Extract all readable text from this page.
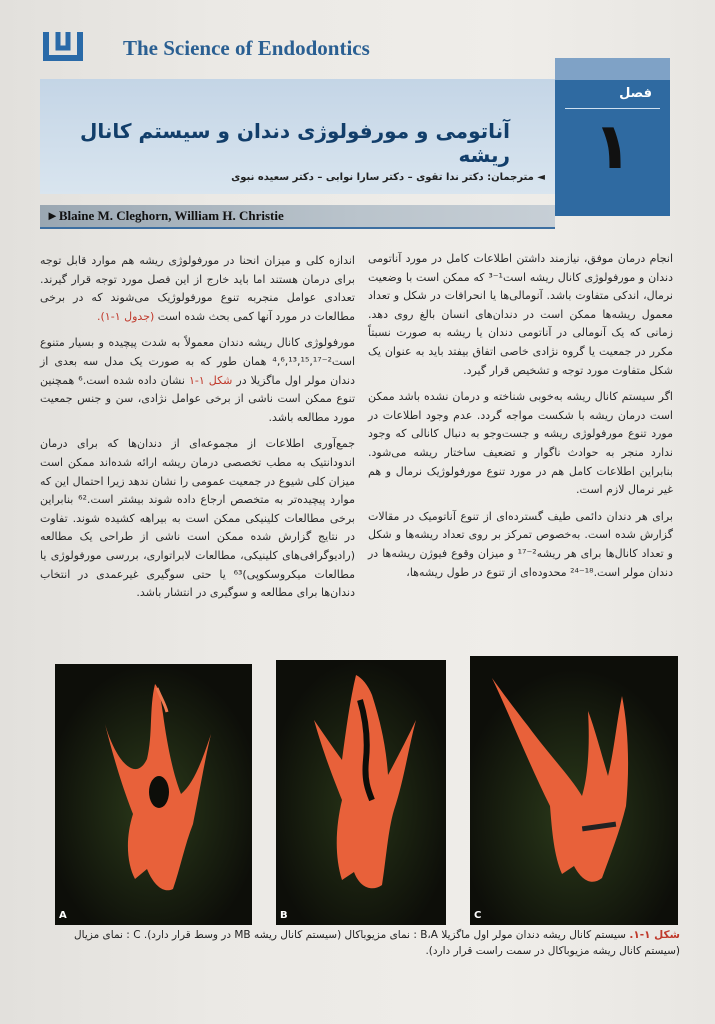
The Science of Endodontics
آناتومی و مورفولوژی دندان و سیستم کانال ریشه
◄ مترجمان: دکتر ندا تقوی – دکتر سارا نوابی – دکتر سعیده نبوی
فصل
۱
►Blaine M. Cleghorn, William H. Christie

انجام درمان موفق، نیازمند داشتن اطلاعات کامل در مورد آناتومی دندان و مورفولوژی کانال ریشه است¹⁻³ که ممکن است با وضعیت نرمال، اندکی متفاوت باشد. آنومالی‌ها یا انحرافات در شکل و تعداد معمول ریشه‌ها ممکن است در دندان‌های انسان بالغ روی دهد. زمانی که یک آنومالی در آناتومی دندان یا ریشه به صورت نسبتاً مکرر در جمعیت یا گروه نژادی خاصی اتفاق بیفتد باید به عنوان یک شکل متفاوت مورد توجه و تشخیص قرار گیرد.

اگر سیستم کانال ریشه به‌خوبی شناخته و درمان نشده باشد ممکن است درمان ریشه با شکست مواجه گردد. عدم وجود اطلاعات در مورد تنوع مورفولوژی ریشه و جست‌وجو به دنبال کانالی که وجود ندارد منجر به حوادث ناگوار و تضعیف ساختار ریشه می‌شود. بنابراین اطلاعات کامل هم در مورد تنوع مورفولوژیک نرمال و هم غیر نرمال لازم است.

برای هر دندان دائمی طیف گسترده‌ای از تنوع آناتومیک در مقالات گزارش شده است. به‌خصوص تمرکز بر روی تعداد ریشه‌ها و شکل و تعداد کانال‌ها برای هر ریشه²⁻¹⁷ و میزان وقوع فیوژن ریشه‌ها در دندان مولر است.¹⁸⁻²⁴ محدوده‌ای از تنوع در طول ریشه‌ها،

اندازه کلی و میزان انحنا در مورفولوژی ریشه هم موارد قابل توجه برای درمان هستند اما باید خارج از این فصل مورد توجه قرار گیرند. تعدادی عوامل منجربه تنوع مورفولوژیک می‌شوند که در برخی مطالعات در مورد آنها کمی بحث شده است (جدول ۱-۱).

مورفولوژی کانال ریشه دندان معمولاً به شدت پیچیده و بسیار متنوع است²⁻⁴,⁶,¹³,¹⁵,¹⁷ همان طور که به صورت یک مدل سه بعدی از دندان مولر اول ماگزیلا در شکل ۱-۱ نشان داده شده است.⁶ همچنین تنوع ممکن است ناشی از برخی عوامل نژادی، سن و جنس جمعیت مورد مطالعه باشد.

جمع‌آوری اطلاعات از مجموعه‌ای از دندان‌ها که برای درمان اندودانتیک به مطب تخصصی درمان ریشه ارائه شده‌اند ممکن است میزان کلی شیوع در جمعیت عمومی را نشان ندهد زیرا احتمال این که موارد پیچیده‌تر به متخصص ارجاع داده شوند بیشتر است.⁶² بنابراین برخی مطالعات کلینیکی ممکن است به بیراهه کشیده شوند. تفاوت در نتایج گزارش شده ممکن است ناشی از طراحی یک مطالعه (رادیوگرافی‌های کلینیکی، مطالعات لابراتواری، بررسی مورفولوژی یا مطالعات میکروسکوپی)⁶³ یا حتی سوگیری غیرعمدی در انتخاب دندان‌ها برای مطالعه و سوگیری در انتشار باشد.

A	B	C
شکل ۱-۱. سیستم کانال ریشه دندان مولر اول ماگزیلا B،A : نمای مزیوباکال (سیستم کانال ریشه MB در وسط قرار دارد). C : نمای مزیال (سیستم کانال ریشه مزیوباکال در سمت راست قرار دارد).
